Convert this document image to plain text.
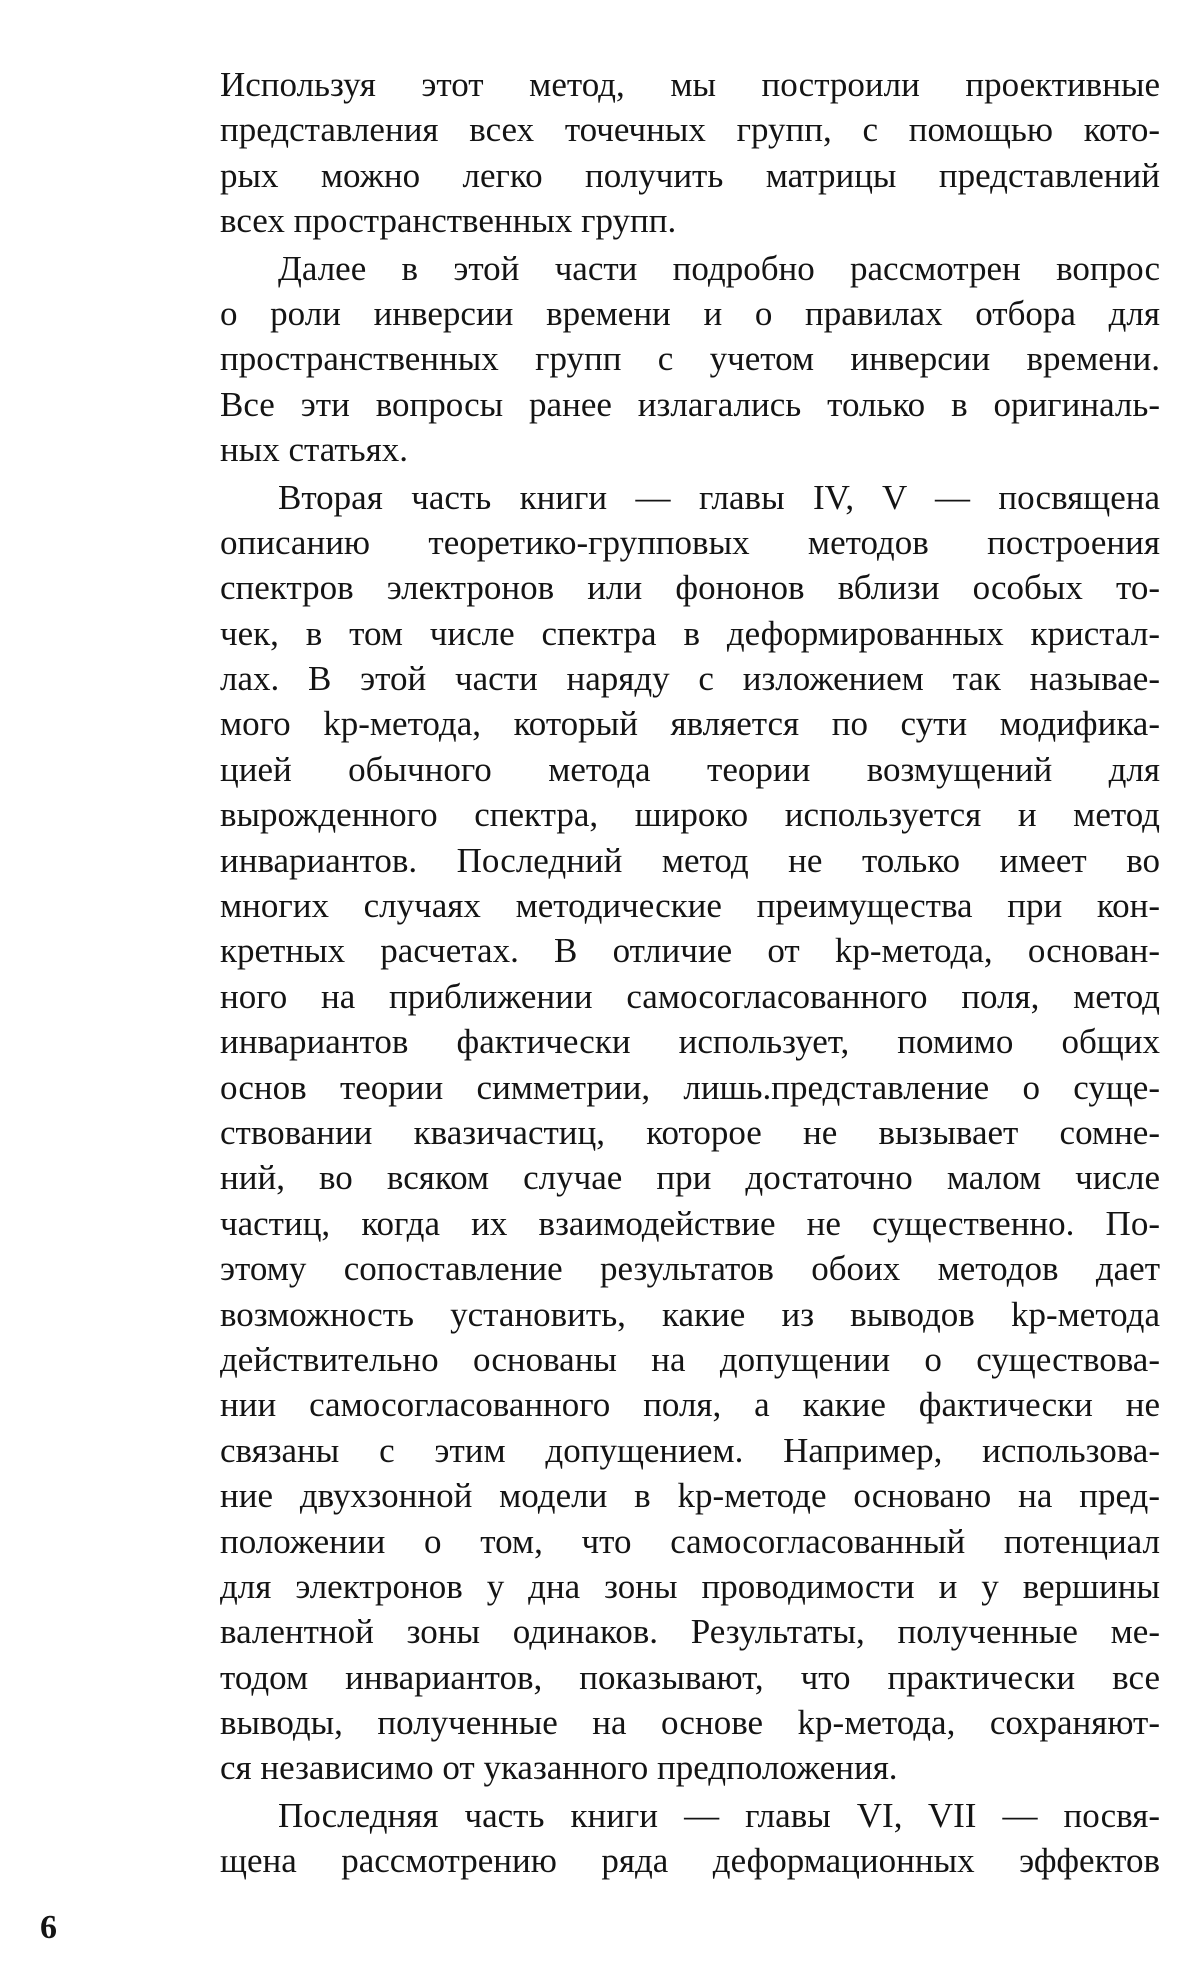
Используя этот метод, мы построили проективные
представления всех точечных групп, с помощью кото-
рых можно легко получить матрицы представлений
всех пространственных групп.
Далее в этой части подробно рассмотрен вопрос
о роли инверсии времени и о правилах отбора для
пространственных групп с учетом инверсии времени.
Все эти вопросы ранее излагались только в оригиналь-
ных статьях.
Вторая часть книги — главы IV, V — посвящена
описанию теоретико-групповых методов построения
спектров электронов или фононов вблизи особых то-
чек, в том числе спектра в деформированных кристал-
лах. В этой части наряду с изложением так называе-
мого kp-метода, который является по сути модифика-
цией обычного метода теории возмущений для
вырожденного спектра, широко используется и метод
инвариантов. Последний метод не только имеет во
многих случаях методические преимущества при кон-
кретных расчетах. В отличие от kp-метода, основан-
ного на приближении самосогласованного поля, метод
инвариантов фактически использует, помимо общих
основ теории симметрии, лишь.представление о суще-
ствовании квазичастиц, которое не вызывает сомне-
ний, во всяком случае при достаточно малом числе
частиц, когда их взаимодействие не существенно. По-
этому сопоставление результатов обоих методов дает
возможность установить, какие из выводов kp-метода
действительно основаны на допущении о существова-
нии самосогласованного поля, а какие фактически не
связаны с этим допущением. Например, использова-
ние двухзонной модели в kp-методе основано на пред-
положении о том, что самосогласованный потенциал
для электронов у дна зоны проводимости и у вершины
валентной зоны одинаков. Результаты, полученные ме-
тодом инвариантов, показывают, что практически все
выводы, полученные на основе kp-метода, сохраняют-
ся независимо от указанного предположения.
Последняя часть книги — главы VI, VII — посвя-
щена рассмотрению ряда деформационных эффектов
6
